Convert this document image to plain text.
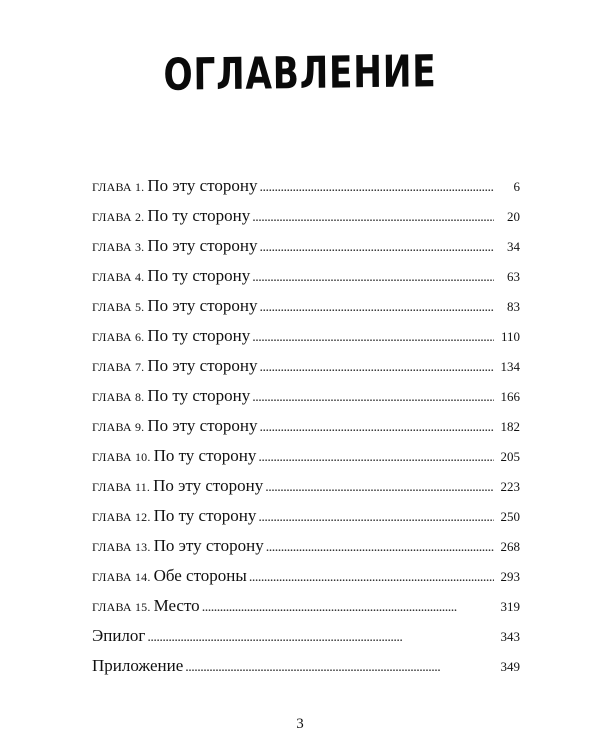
ОГЛАВЛЕНИЕ
ГЛАВА 1. По эту сторону . . .	6
ГЛАВА 2. По ту сторону . . .	20
ГЛАВА 3. По эту сторону . . .	34
ГЛАВА 4. По ту сторону . . .	63
ГЛАВА 5. По эту сторону . . .	83
ГЛАВА 6. По ту сторону . . .	110
ГЛАВА 7. По эту сторону . . .	134
ГЛАВА 8. По ту сторону . . .	166
ГЛАВА 9. По эту сторону . . .	182
ГЛАВА 10. По ту сторону . . .	205
ГЛАВА 11. По эту сторону . . .	223
ГЛАВА 12. По ту сторону . . .	250
ГЛАВА 13. По эту сторону . . .	268
ГЛАВА 14. Обе стороны . . .	293
ГЛАВА 15. Место . . .	319
Эпилог . . .	343
Приложение . . .	349
3
